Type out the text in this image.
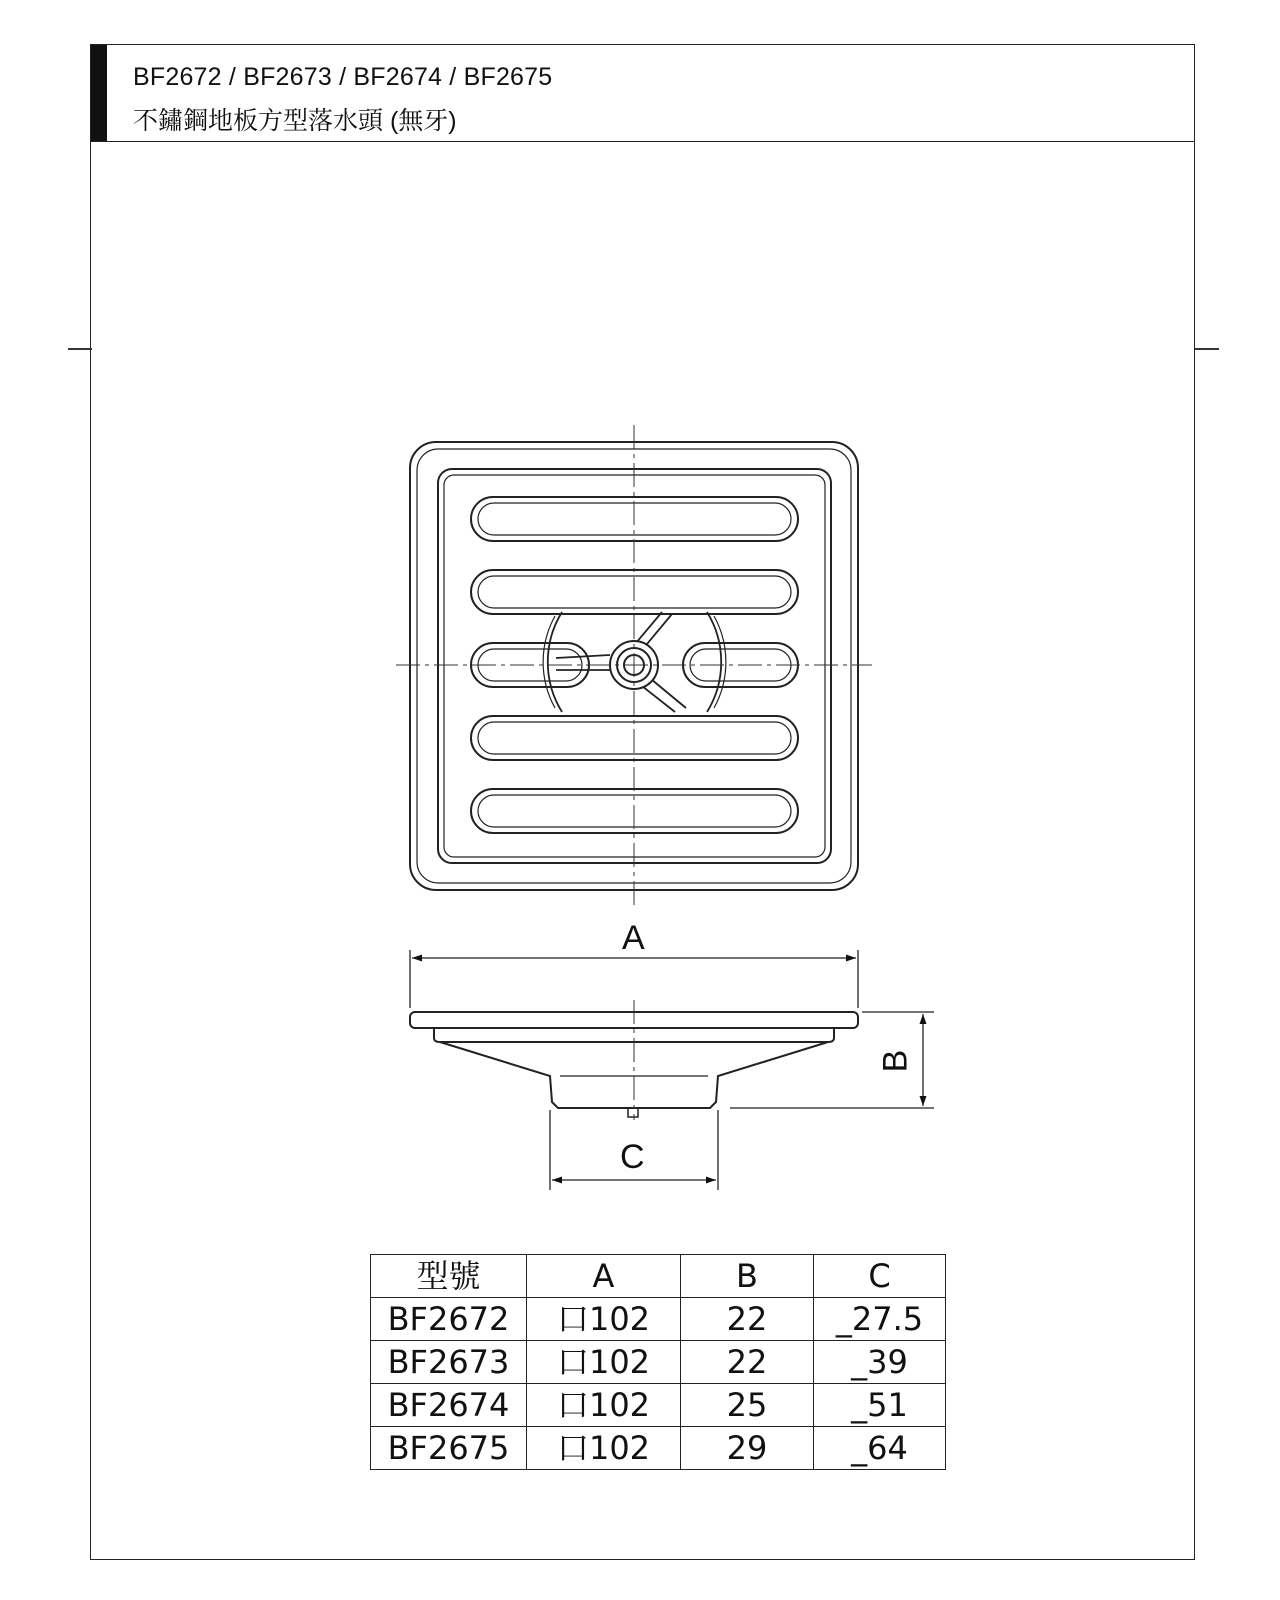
BF2672 / BF2673 / BF2674 / BF2675
不鏽鋼地板方型落水頭 (無牙)
A
B
C
型號	A	B	C
BF2672	口102	22	_27.5
BF2673	口102	22	_39
BF2674	口102	25	_51
BF2675	口102	29	_64
